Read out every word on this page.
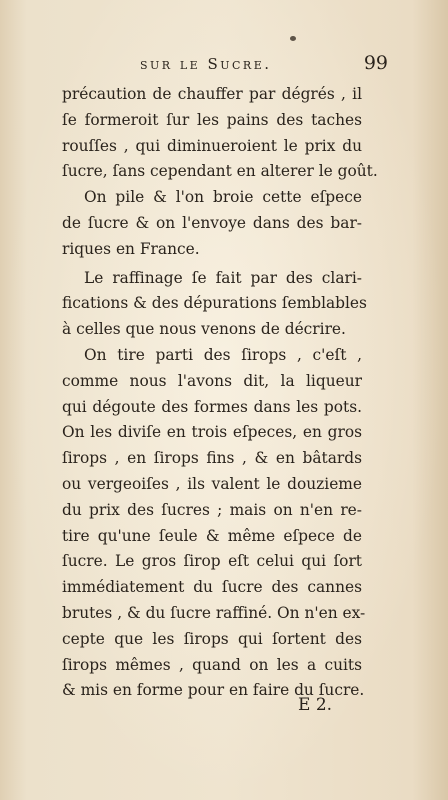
sur le Sucre.	99
précaution de chauffer par dégrés , il
ſe formeroit ſur les pains des taches
rouſſes , qui diminueroient le prix du
ſucre, ſans cependant en alterer le goût.
On pile & l'on broie cette eſpece
de ſucre & on l'envoye dans des bar-
riques en France.
Le raffinage ſe fait par des clari-
fications & des dépurations ſemblables
à celles que nous venons de décrire.
On tire parti des ſirops , c'eſt ,
comme nous l'avons dit, la liqueur
qui dégoute des formes dans les pots.
On les diviſe en trois eſpeces, en gros
ſirops , en ſirops fins , & en bâtards
ou vergeoiſes , ils valent le douzieme
du prix des ſucres ; mais on n'en re-
tire qu'une ſeule & même eſpece de
ſucre. Le gros ſirop eſt celui qui ſort
immédiatement du ſucre des cannes
brutes , & du ſucre raffiné. On n'en ex-
cepte que les ſirops qui ſortent des
ſirops mêmes , quand on les a cuits
& mis en forme pour en faire du ſucre.
E 2.
